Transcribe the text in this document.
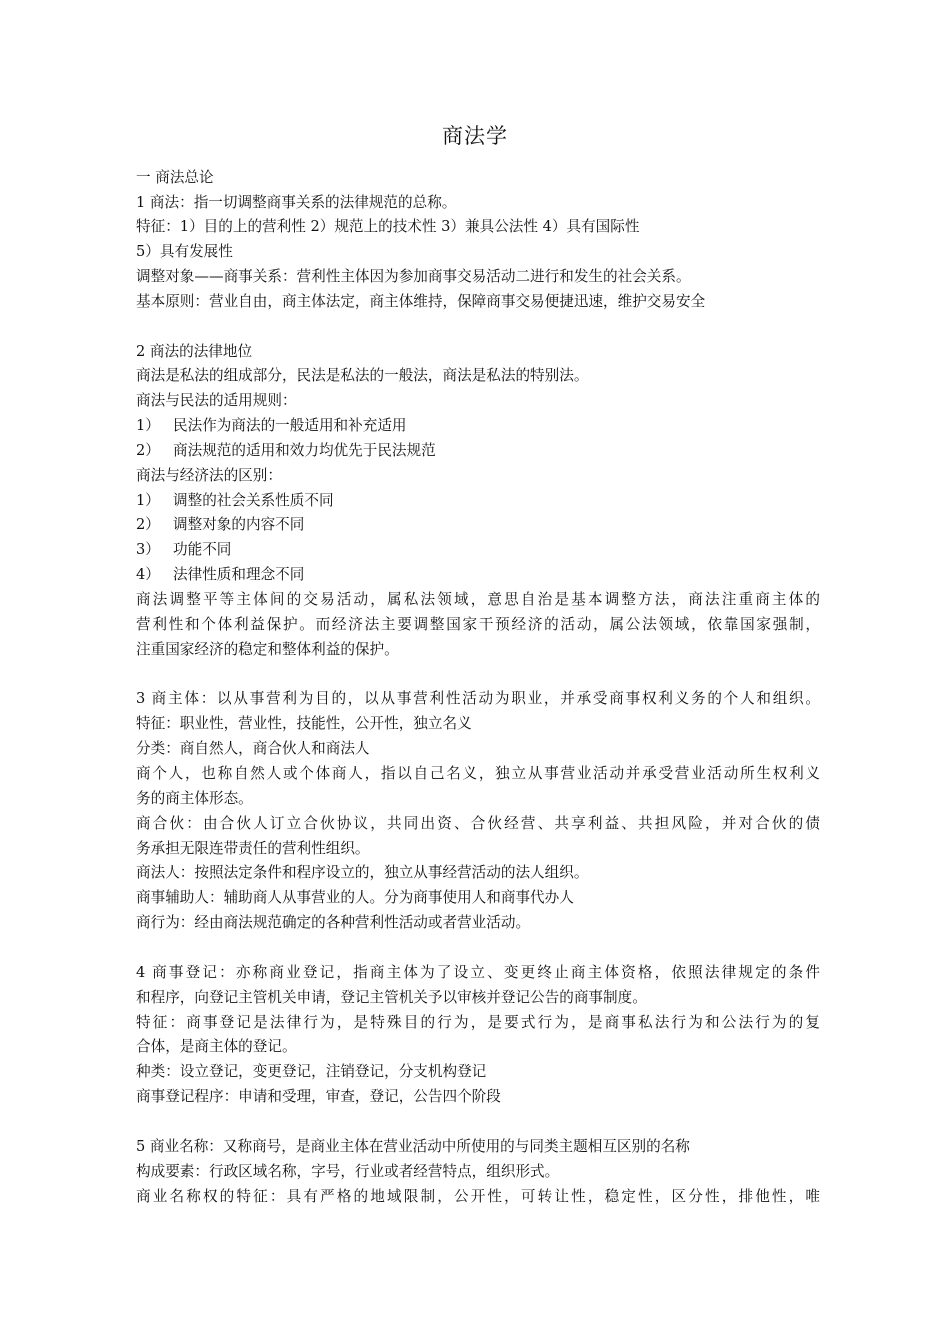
商法学
一 商法总论
1 商法：指一切调整商事关系的法律规范的总称。
特征：1）目的上的营利性 2）规范上的技术性 3）兼具公法性 4）具有国际性
5）具有发展性
调整对象——商事关系：营利性主体因为参加商事交易活动二进行和发生的社会关系。
基本原则：营业自由，商主体法定，商主体维持，保障商事交易便捷迅速，维护交易安全
2 商法的法律地位
商法是私法的组成部分，民法是私法的一般法，商法是私法的特别法。
商法与民法的适用规则：
1） 民法作为商法的一般适用和补充适用
2） 商法规范的适用和效力均优先于民法规范
商法与经济法的区别：
1） 调整的社会关系性质不同
2） 调整对象的内容不同
3） 功能不同
4） 法律性质和理念不同
商法调整平等主体间的交易活动，属私法领域，意思自治是基本调整方法，商法注重商主体的
营利性和个体利益保护。而经济法主要调整国家干预经济的活动，属公法领域，依靠国家强制，
注重国家经济的稳定和整体利益的保护。
3 商主体：以从事营利为目的，以从事营利性活动为职业，并承受商事权利义务的个人和组织。
特征：职业性，营业性，技能性，公开性，独立名义
分类：商自然人，商合伙人和商法人
商个人，也称自然人或个体商人，指以自己名义，独立从事营业活动并承受营业活动所生权利义
务的商主体形态。
商合伙：由合伙人订立合伙协议，共同出资、合伙经营、共享利益、共担风险，并对合伙的债
务承担无限连带责任的营利性组织。
商法人：按照法定条件和程序设立的，独立从事经营活动的法人组织。
商事辅助人：辅助商人从事营业的人。分为商事使用人和商事代办人
商行为：经由商法规范确定的各种营利性活动或者营业活动。
4 商事登记：亦称商业登记，指商主体为了设立、变更终止商主体资格，依照法律规定的条件
和程序，向登记主管机关申请，登记主管机关予以审核并登记公告的商事制度。
特征：商事登记是法律行为，是特殊目的行为，是要式行为，是商事私法行为和公法行为的复
合体，是商主体的登记。
种类：设立登记，变更登记，注销登记，分支机构登记
商事登记程序：申请和受理，审查，登记，公告四个阶段
5 商业名称：又称商号，是商业主体在营业活动中所使用的与同类主题相互区别的名称
构成要素：行政区域名称，字号，行业或者经营特点，组织形式。
商业名称权的特征：具有严格的地域限制，公开性，可转让性，稳定性，区分性，排他性，唯
